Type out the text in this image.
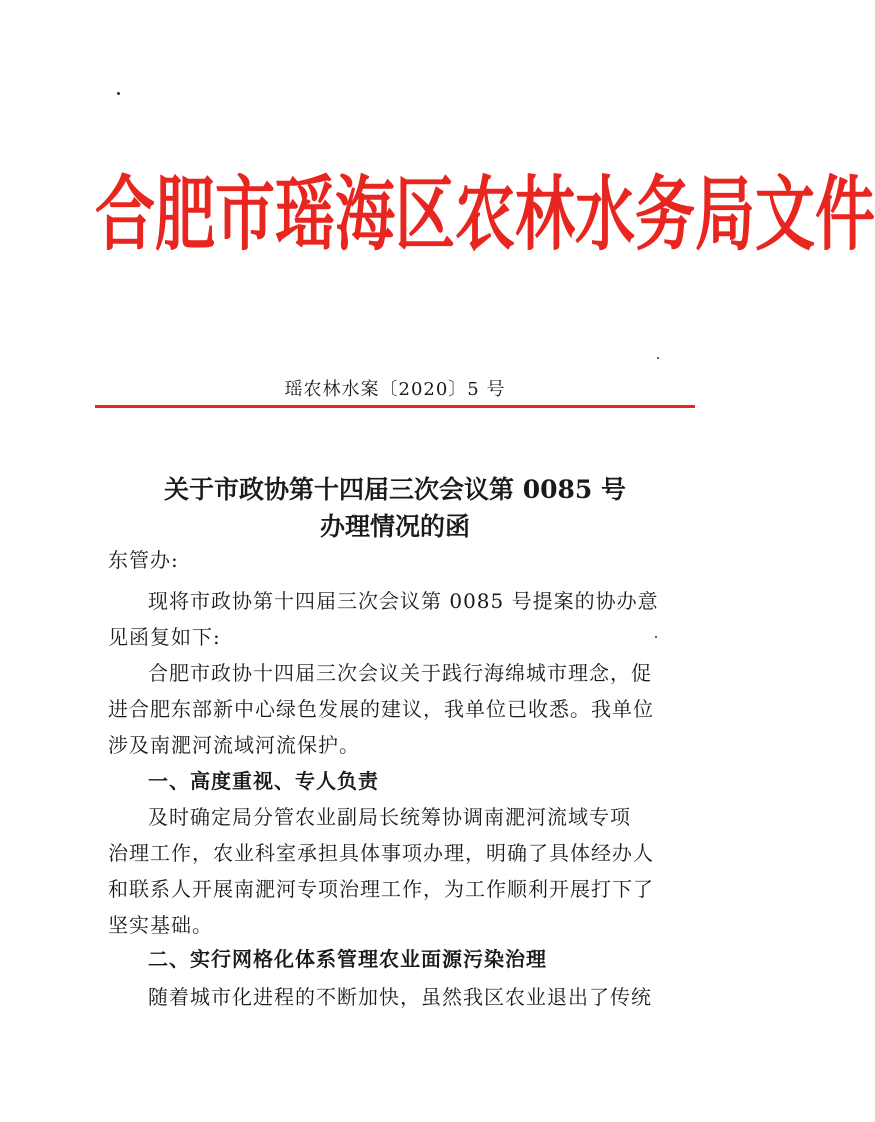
合肥市瑶海区农林水务局文件
瑶农林水案〔2020〕5 号
关于市政协第十四届三次会议第 0085 号
办理情况的函
东管办:
现将市政协第十四届三次会议第 0085 号提案的协办意
见函复如下:
合肥市政协十四届三次会议关于践行海绵城市理念，促
进合肥东部新中心绿色发展的建议，我单位已收悉。我单位
涉及南淝河流域河流保护。
一、高度重视、专人负责
及时确定局分管农业副局长统筹协调南淝河流域专项
治理工作，农业科室承担具体事项办理，明确了具体经办人
和联系人开展南淝河专项治理工作，为工作顺利开展打下了
坚实基础。
二、实行网格化体系管理农业面源污染治理
随着城市化进程的不断加快，虽然我区农业退出了传统
